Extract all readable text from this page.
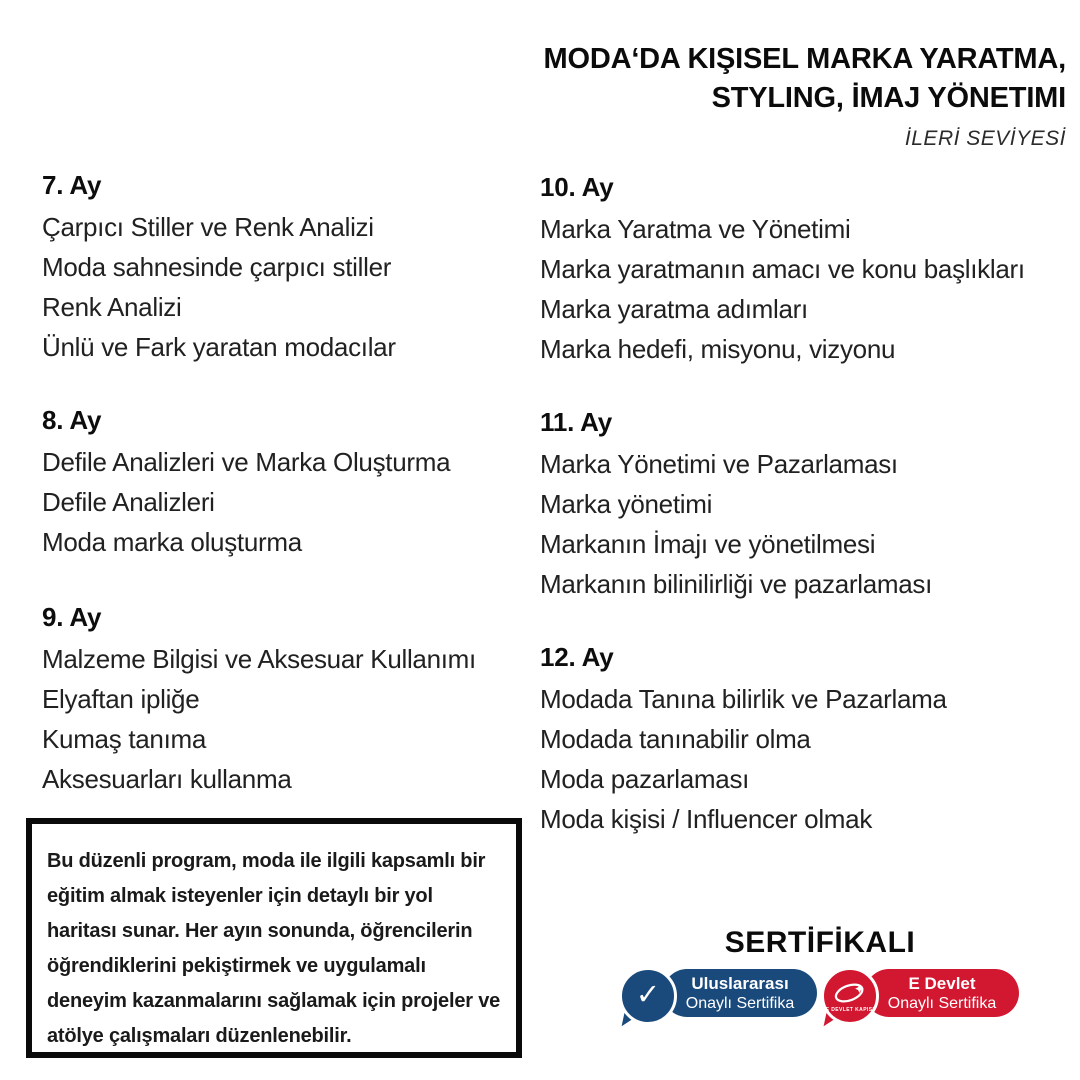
MODA‘DA KIŞISEL MARKA YARATMA,
STYLING, İMAJ YÖNETIMI
İLERİ SEVİYESİ
7. Ay
Çarpıcı Stiller ve Renk Analizi
Moda sahnesinde çarpıcı stiller
Renk Analizi
Ünlü ve Fark yaratan modacılar
8. Ay
Defile Analizleri ve Marka Oluşturma
Defile Analizleri
Moda marka oluşturma
9. Ay
Malzeme Bilgisi ve Aksesuar Kullanımı
Elyaftan ipliğe
Kumaş tanıma
Aksesuarları kullanma
10. Ay
Marka Yaratma ve Yönetimi
Marka yaratmanın amacı ve konu başlıkları
Marka yaratma adımları
Marka hedefi, misyonu, vizyonu
11. Ay
Marka Yönetimi ve Pazarlaması
Marka yönetimi
Markanın İmajı ve yönetilmesi
Markanın bilinilirliği ve pazarlaması
12. Ay
Modada Tanına bilirlik ve Pazarlama
Modada tanınabilir olma
Moda pazarlaması
Moda kişisi / Influencer olmak
Bu düzenli program, moda ile ilgili kapsamlı bir eğitim almak isteyenler için detaylı bir yol haritası sunar. Her ayın sonunda, öğrencilerin öğrendiklerini pekiştirmek ve uygulamalı deneyim kazanmalarını sağlamak için projeler ve atölye çalışmaları düzenlenebilir.
SERTİFİKALI
✓ Uluslararası
Onaylı Sertifika	E DEVLET KAPISI
E Devlet
Onaylı Sertifika
